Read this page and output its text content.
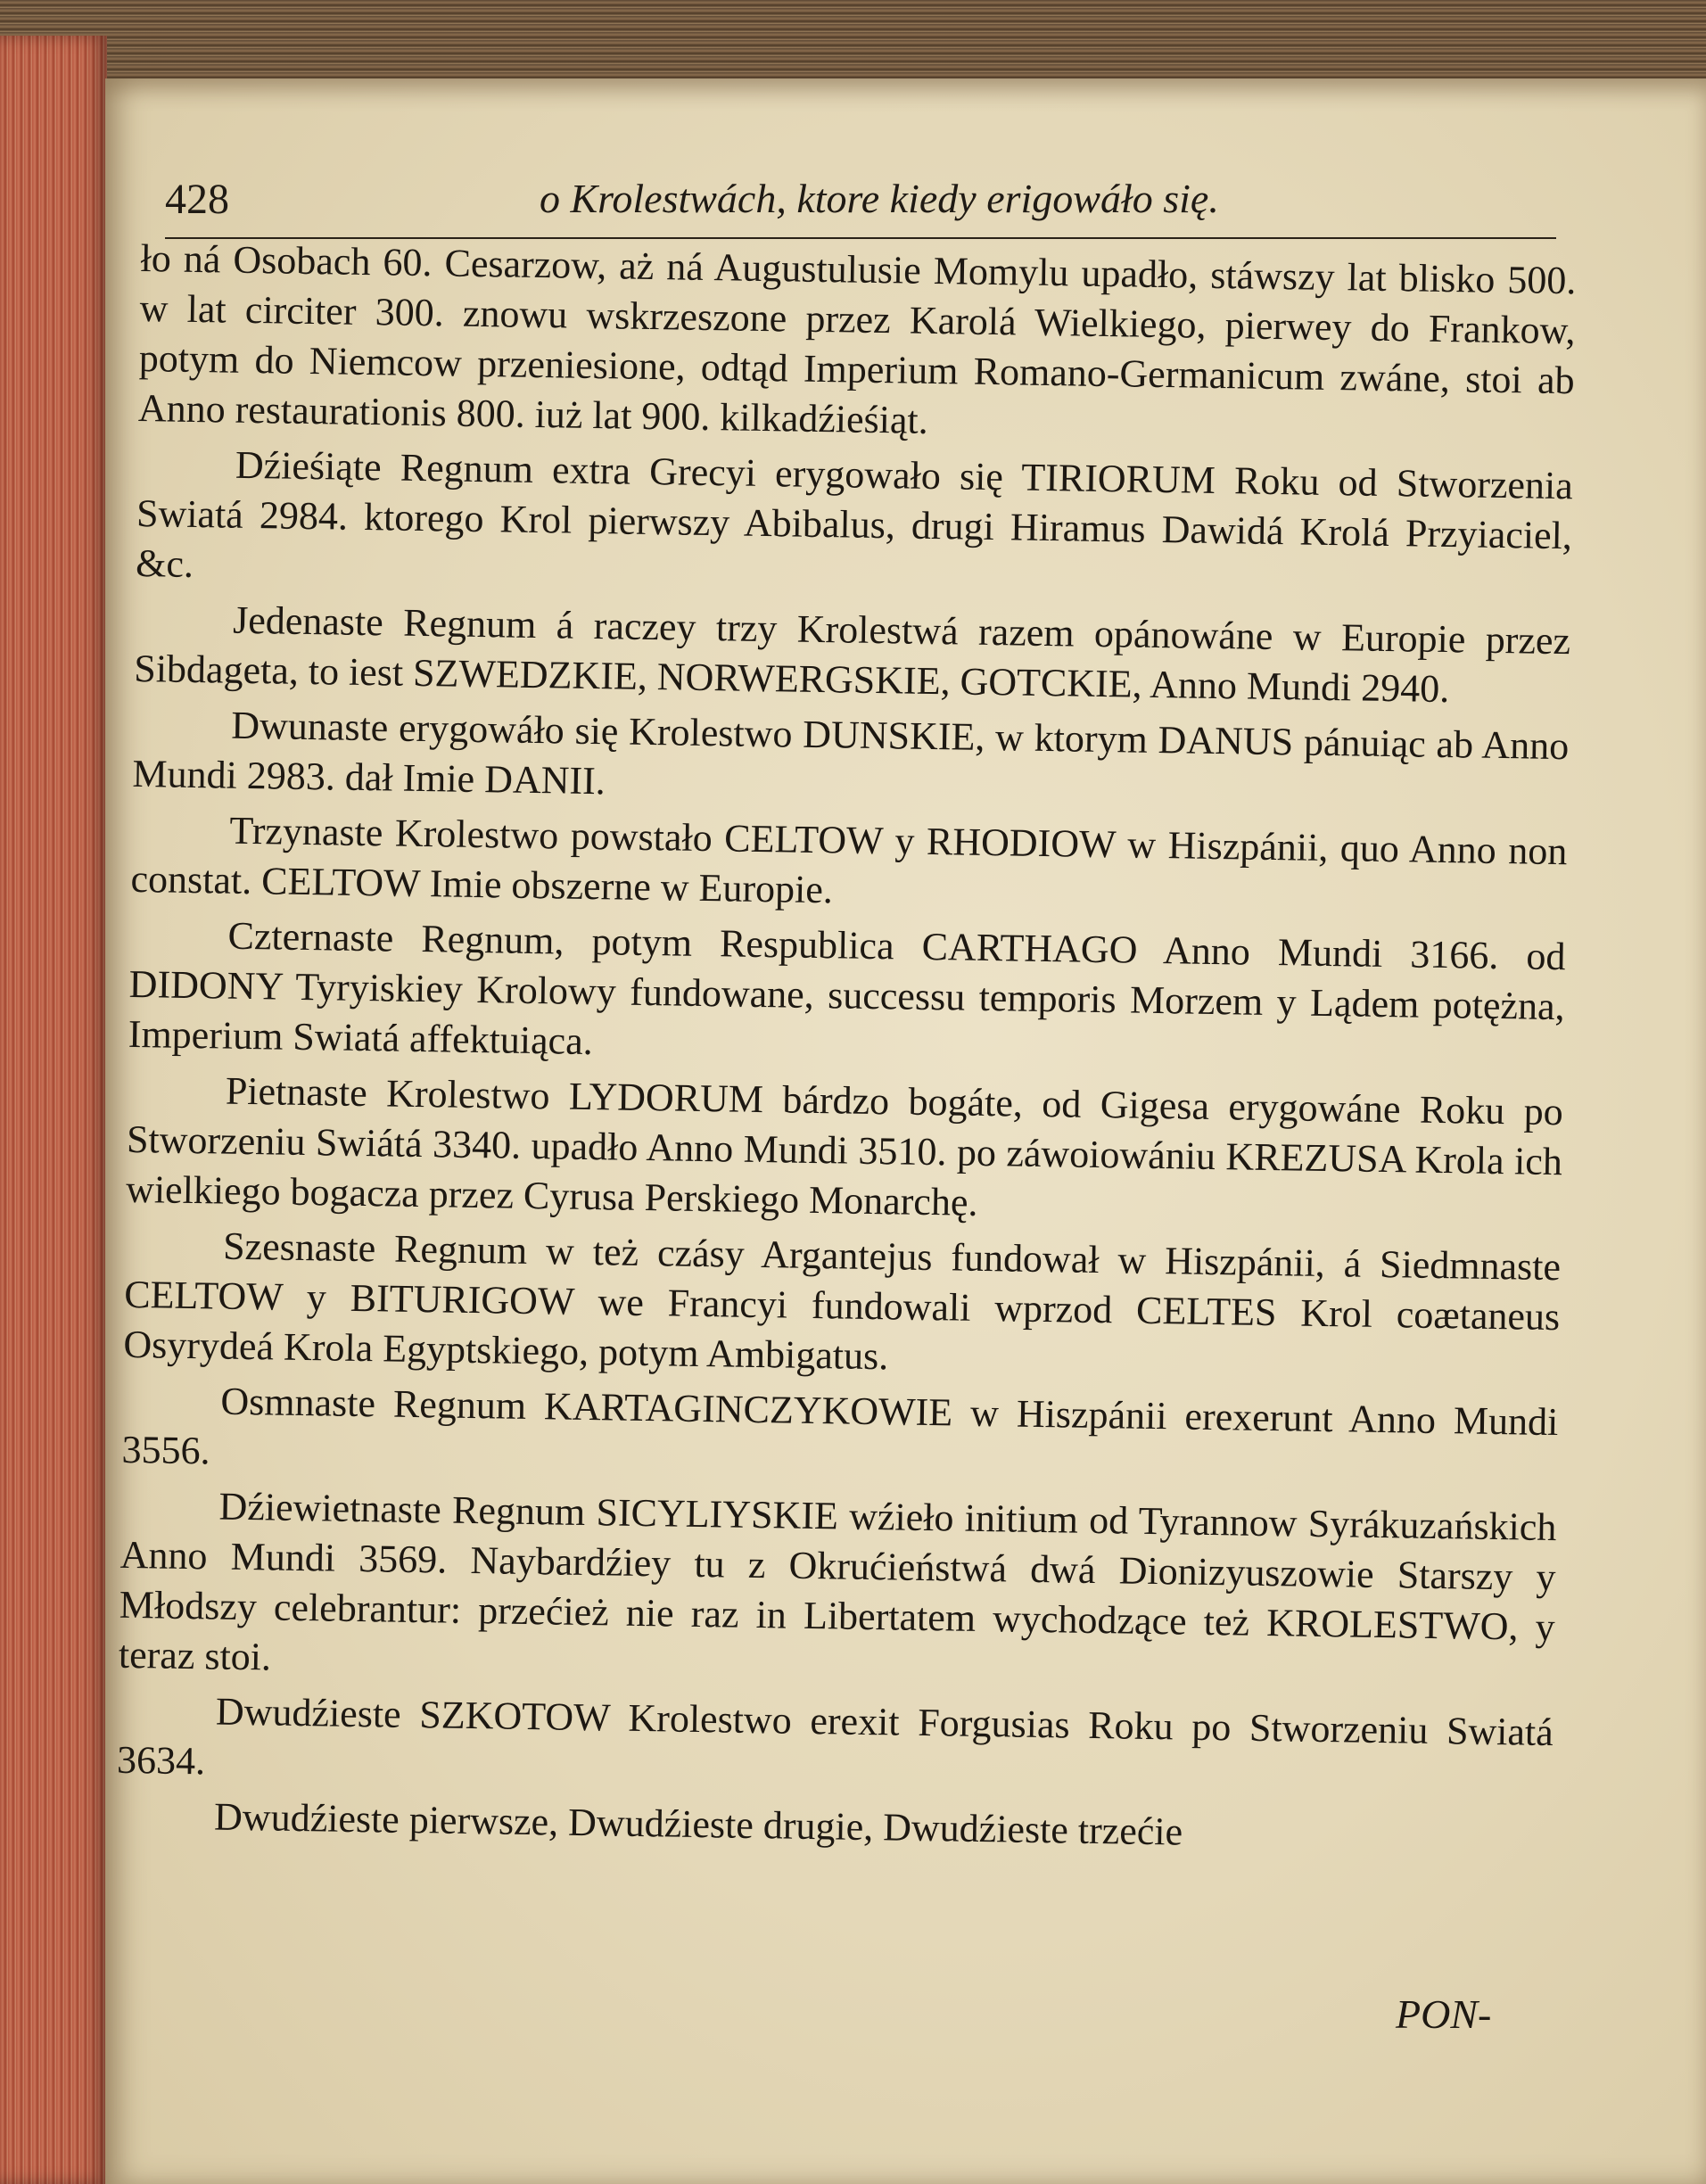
428	o Krolestwách, ktore kiedy erigowáło się.

ło ná Osobach 60. Cesarzow, aż ná Augustulusie Momylu upadło, stáwszy lat blisko 500. w lat circiter 300. znowu wskrzeszone przez Karolá Wielkiego, pierwey do Frankow, potym do Niemcow przeniesione, odtąd Imperium Romano-Germanicum zwáne, stoi ab Anno restaurationis 800. iuż lat 900. kilkadźieśiąt.

Dźieśiąte Regnum extra Grecyi erygowało się TIRIORUM Roku od Stworzenia Swiatá 2984. ktorego Krol pierwszy Abibalus, drugi Hiramus Dawidá Krolá Przyiaciel, &c.

Jedenaste Regnum á raczey trzy Krolestwá razem opánowáne w Europie przez Sibdageta, to iest SZWEDZKIE, NORWERGSKIE, GOTCKIE, Anno Mundi 2940.

Dwunaste erygowáło się Krolestwo DUNSKIE, w ktorym DANUS pánuiąc ab Anno Mundi 2983. dał Imie DANII.

Trzynaste Krolestwo powstało CELTOW y RHODIOW w Hiszpánii, quo Anno non constat. CELTOW Imie obszerne w Europie.

Czternaste Regnum, potym Respublica CARTHAGO Anno Mundi 3166. od DIDONY Tyryiskiey Krolowy fundowane, successu temporis Morzem y Lądem potężna, Imperium Swiatá affektuiąca.

Pietnaste Krolestwo LYDORUM bárdzo bogáte, od Gigesa erygowáne Roku po Stworzeniu Swiátá 3340. upadło Anno Mundi 3510. po záwoiowániu KREZUSA Krola ich wielkiego bogacza przez Cyrusa Perskiego Monarchę.

Szesnaste Regnum w też czásy Argantejus fundował w Hiszpánii, á Siedmnaste CELTOW y BITURIGOW we Francyi fundowali wprzod CELTES Krol coætaneus Osyrydeá Krola Egyptskiego, potym Ambigatus.

Osmnaste Regnum KARTAGINCZYKOWIE w Hiszpánii erexerunt Anno Mundi 3556.

Dźiewietnaste Regnum SICYLIYSKIE wźieło initium od Tyrannow Syrákuzańskich Anno Mundi 3569. Naybardźiey tu z Okrućieństwá dwá Dionizyuszowie Starszy y Młodszy celebrantur: przećież nie raz in Libertatem wychodzące też KROLESTWO, y teraz stoi.

Dwudźieste SZKOTOW Krolestwo erexit Forgusias Roku po Stworzeniu Swiatá 3634.

Dwudźieste pierwsze, Dwudźieste drugie, Dwudźieste trzećie

PON-
